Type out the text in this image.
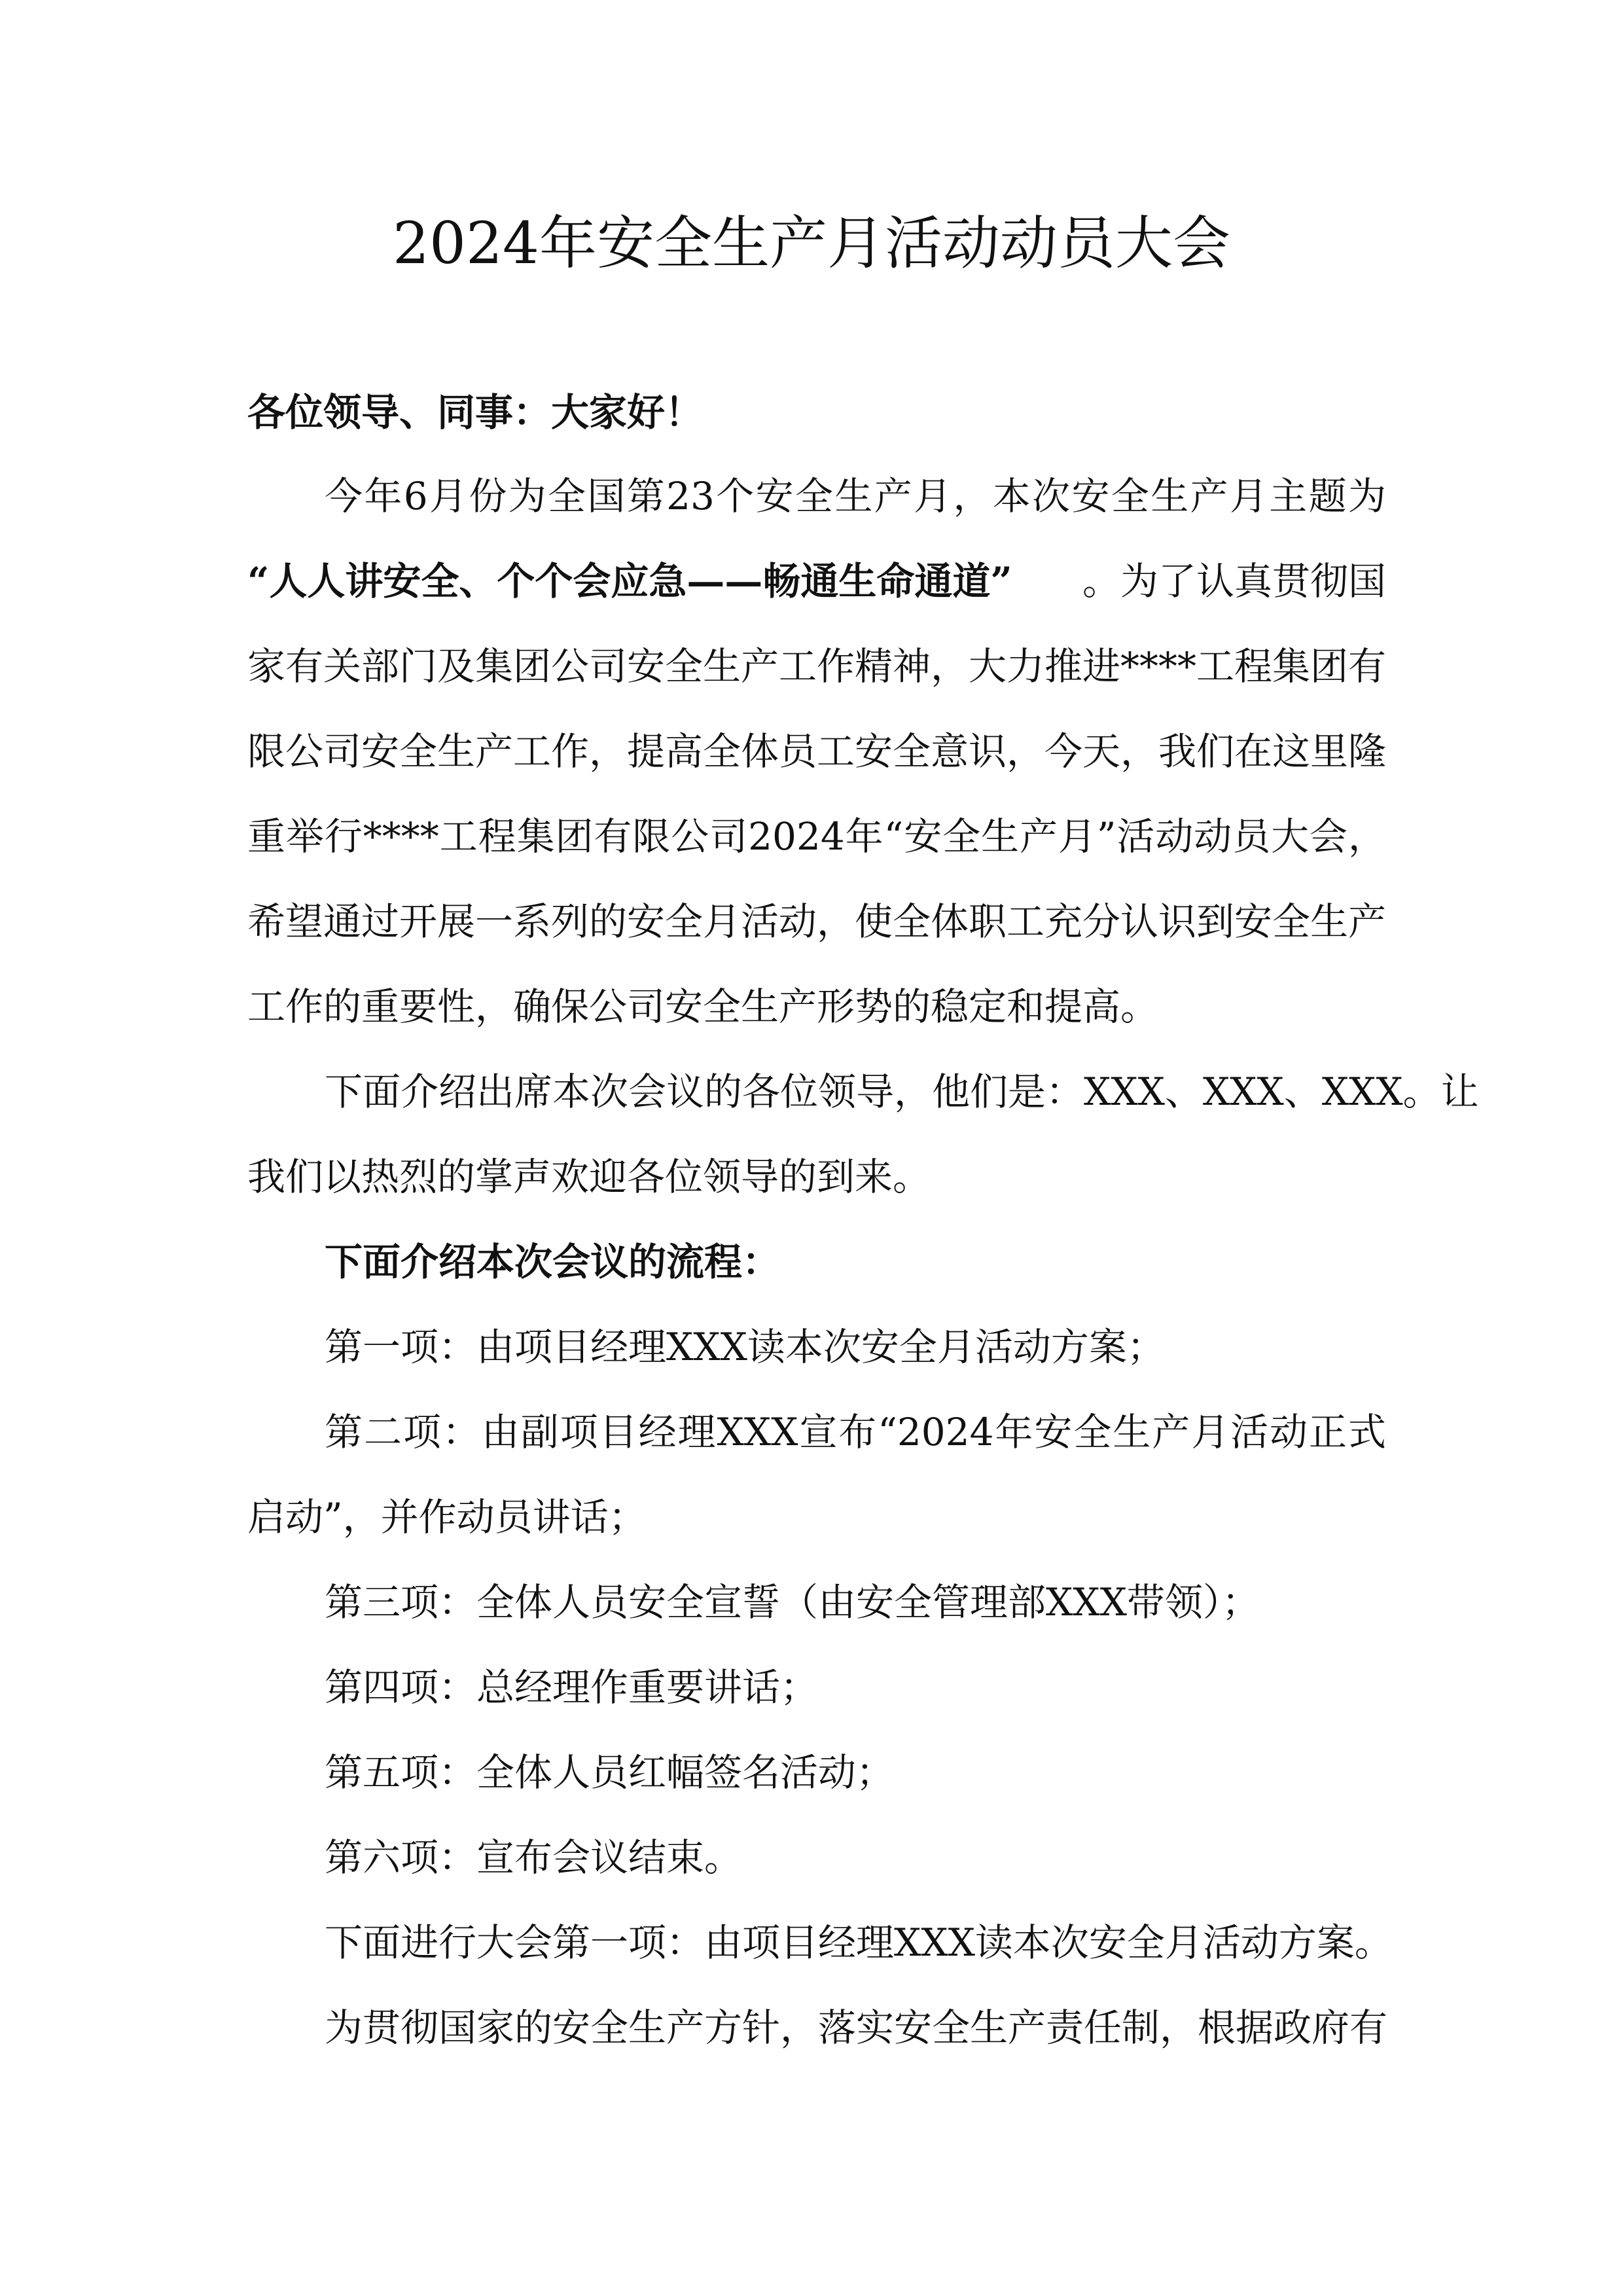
2024年安全生产月活动动员大会
各位领导、同事：大家好！
今年6月份为全国第23个安全生产月，本次安全生产月主题为
“人人讲安全、个个会应急——畅通生命通道” 。为了认真贯彻国
家有关部门及集团公司安全生产工作精神，大力推进****工程集团有
限公司安全生产工作，提高全体员工安全意识，今天，我们在这里隆
重举行****工程集团有限公司2024年“安全生产月”活动动员大会，
希望通过开展一系列的安全月活动，使全体职工充分认识到安全生产
工作的重要性，确保公司安全生产形势的稳定和提高。
下面介绍出席本次会议的各位领导，他们是：XXX、XXX、XXX。让
我们以热烈的掌声欢迎各位领导的到来。
下面介绍本次会议的流程：
第一项：由项目经理XXX读本次安全月活动方案；
第二项：由副项目经理XXX宣布“2024年安全生产月活动正式
启动”，并作动员讲话；
第三项：全体人员安全宣誓（由安全管理部XXX带领）；
第四项：总经理作重要讲话；
第五项：全体人员红幅签名活动；
第六项：宣布会议结束。
下面进行大会第一项：由项目经理XXX读本次安全月活动方案。
为贯彻国家的安全生产方针，落实安全生产责任制，根据政府有
